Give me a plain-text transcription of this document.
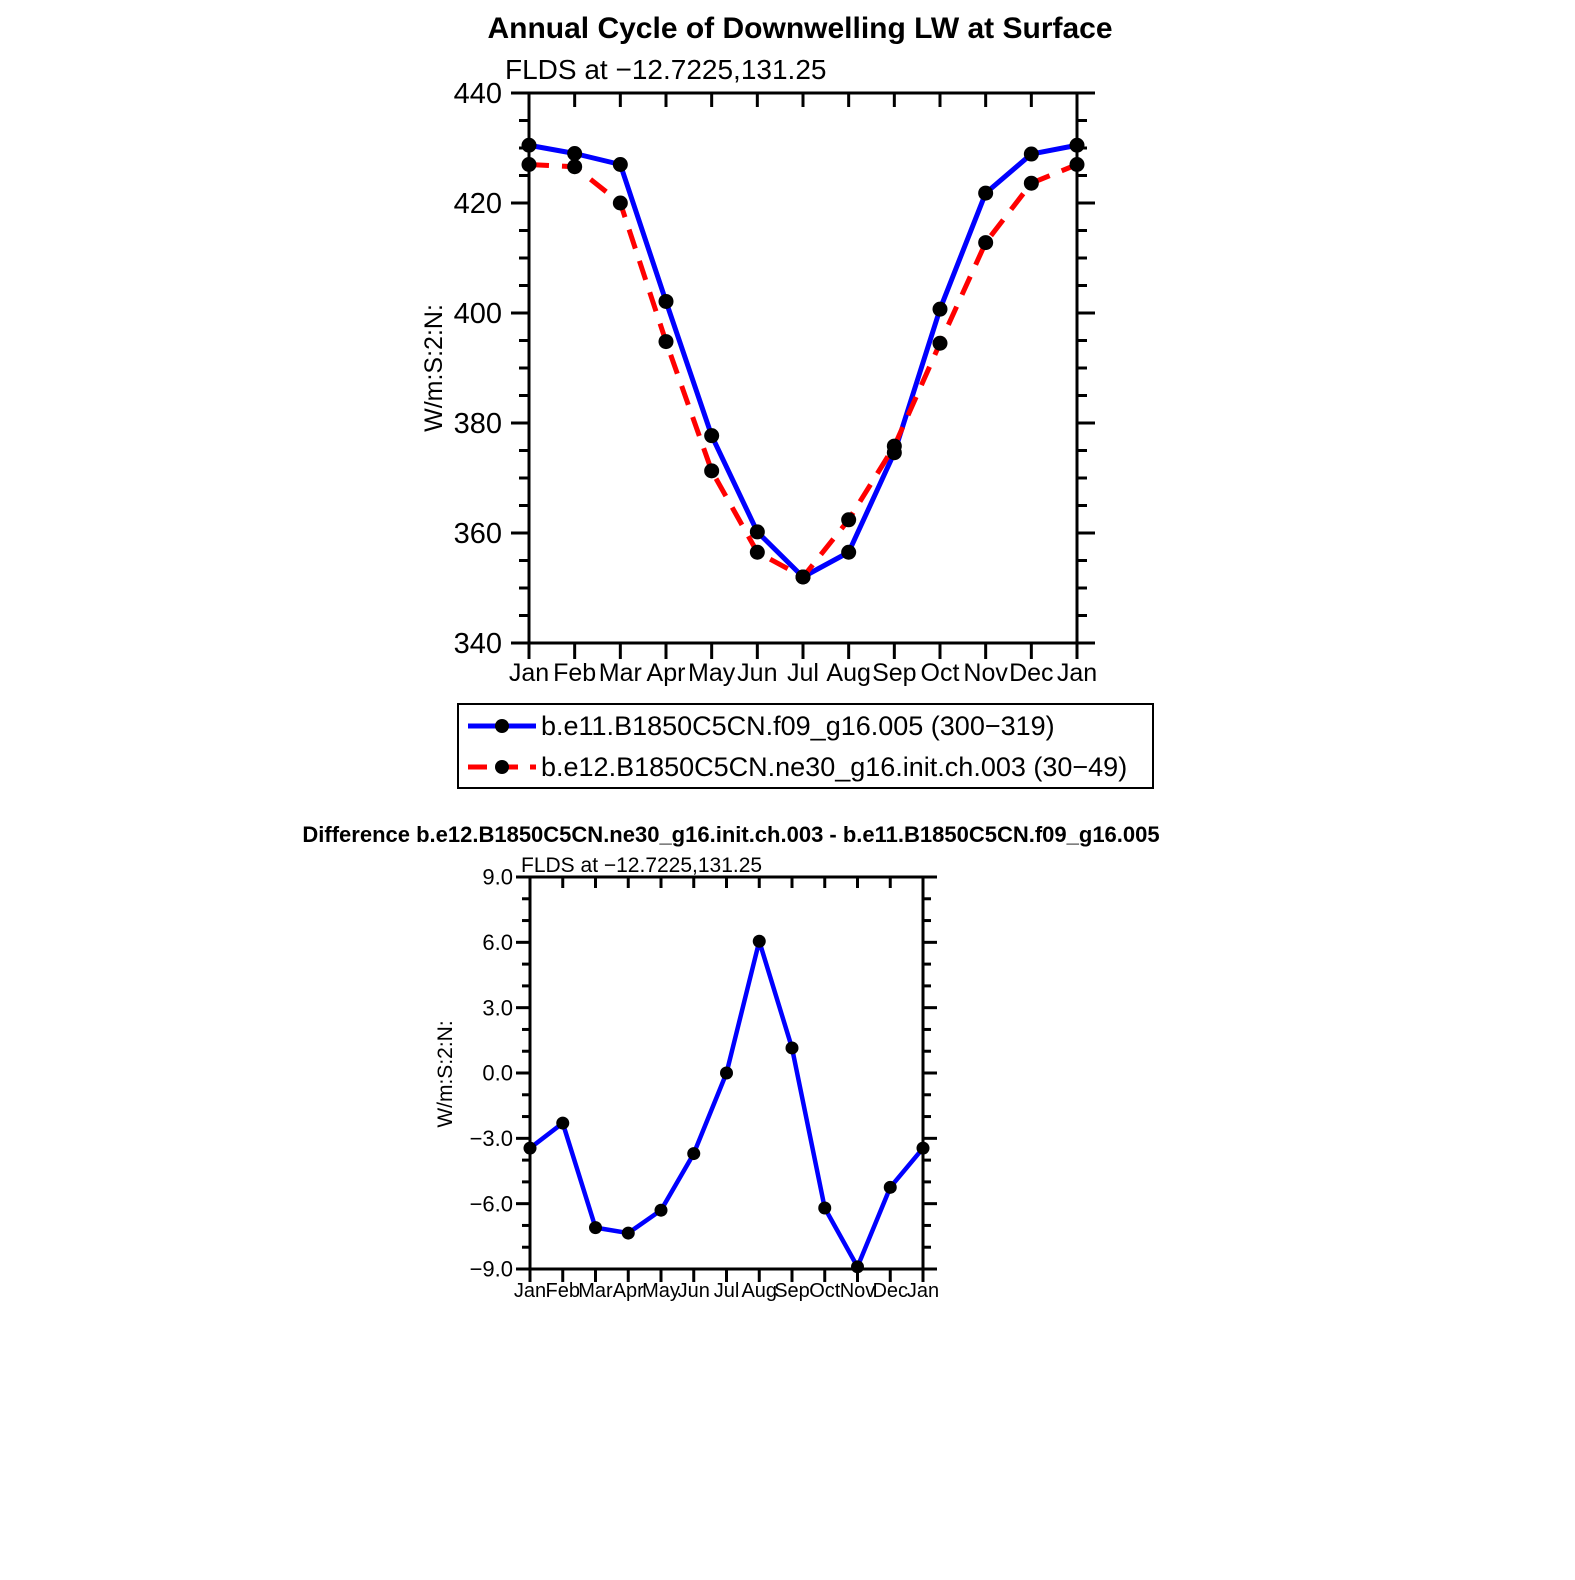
Annual Cycle of Downwelling LW at Surface
FLDS at −12.7225,131.25
W/m:S:2:N:
Jan Feb Mar Apr May Jun Jul Aug Sep Oct Nov Dec Jan
340
360
380
400
420
440
b.e11.B1850C5CN.f09_g16.005 (300−319)
b.e12.B1850C5CN.ne30_g16.init.ch.003 (30−49)
Difference b.e12.B1850C5CN.ne30_g16.init.ch.003 - b.e11.B1850C5CN.f09_g16.005
FLDS at −12.7225,131.25
W/m:S:2:N:
Jan Feb
Mar Apr
May
Jun Jul Aug
Sep Oct Nov
Dec
Jan
−9.0
−6.0
−3.0
0.0
3.0
6.0
9.0
